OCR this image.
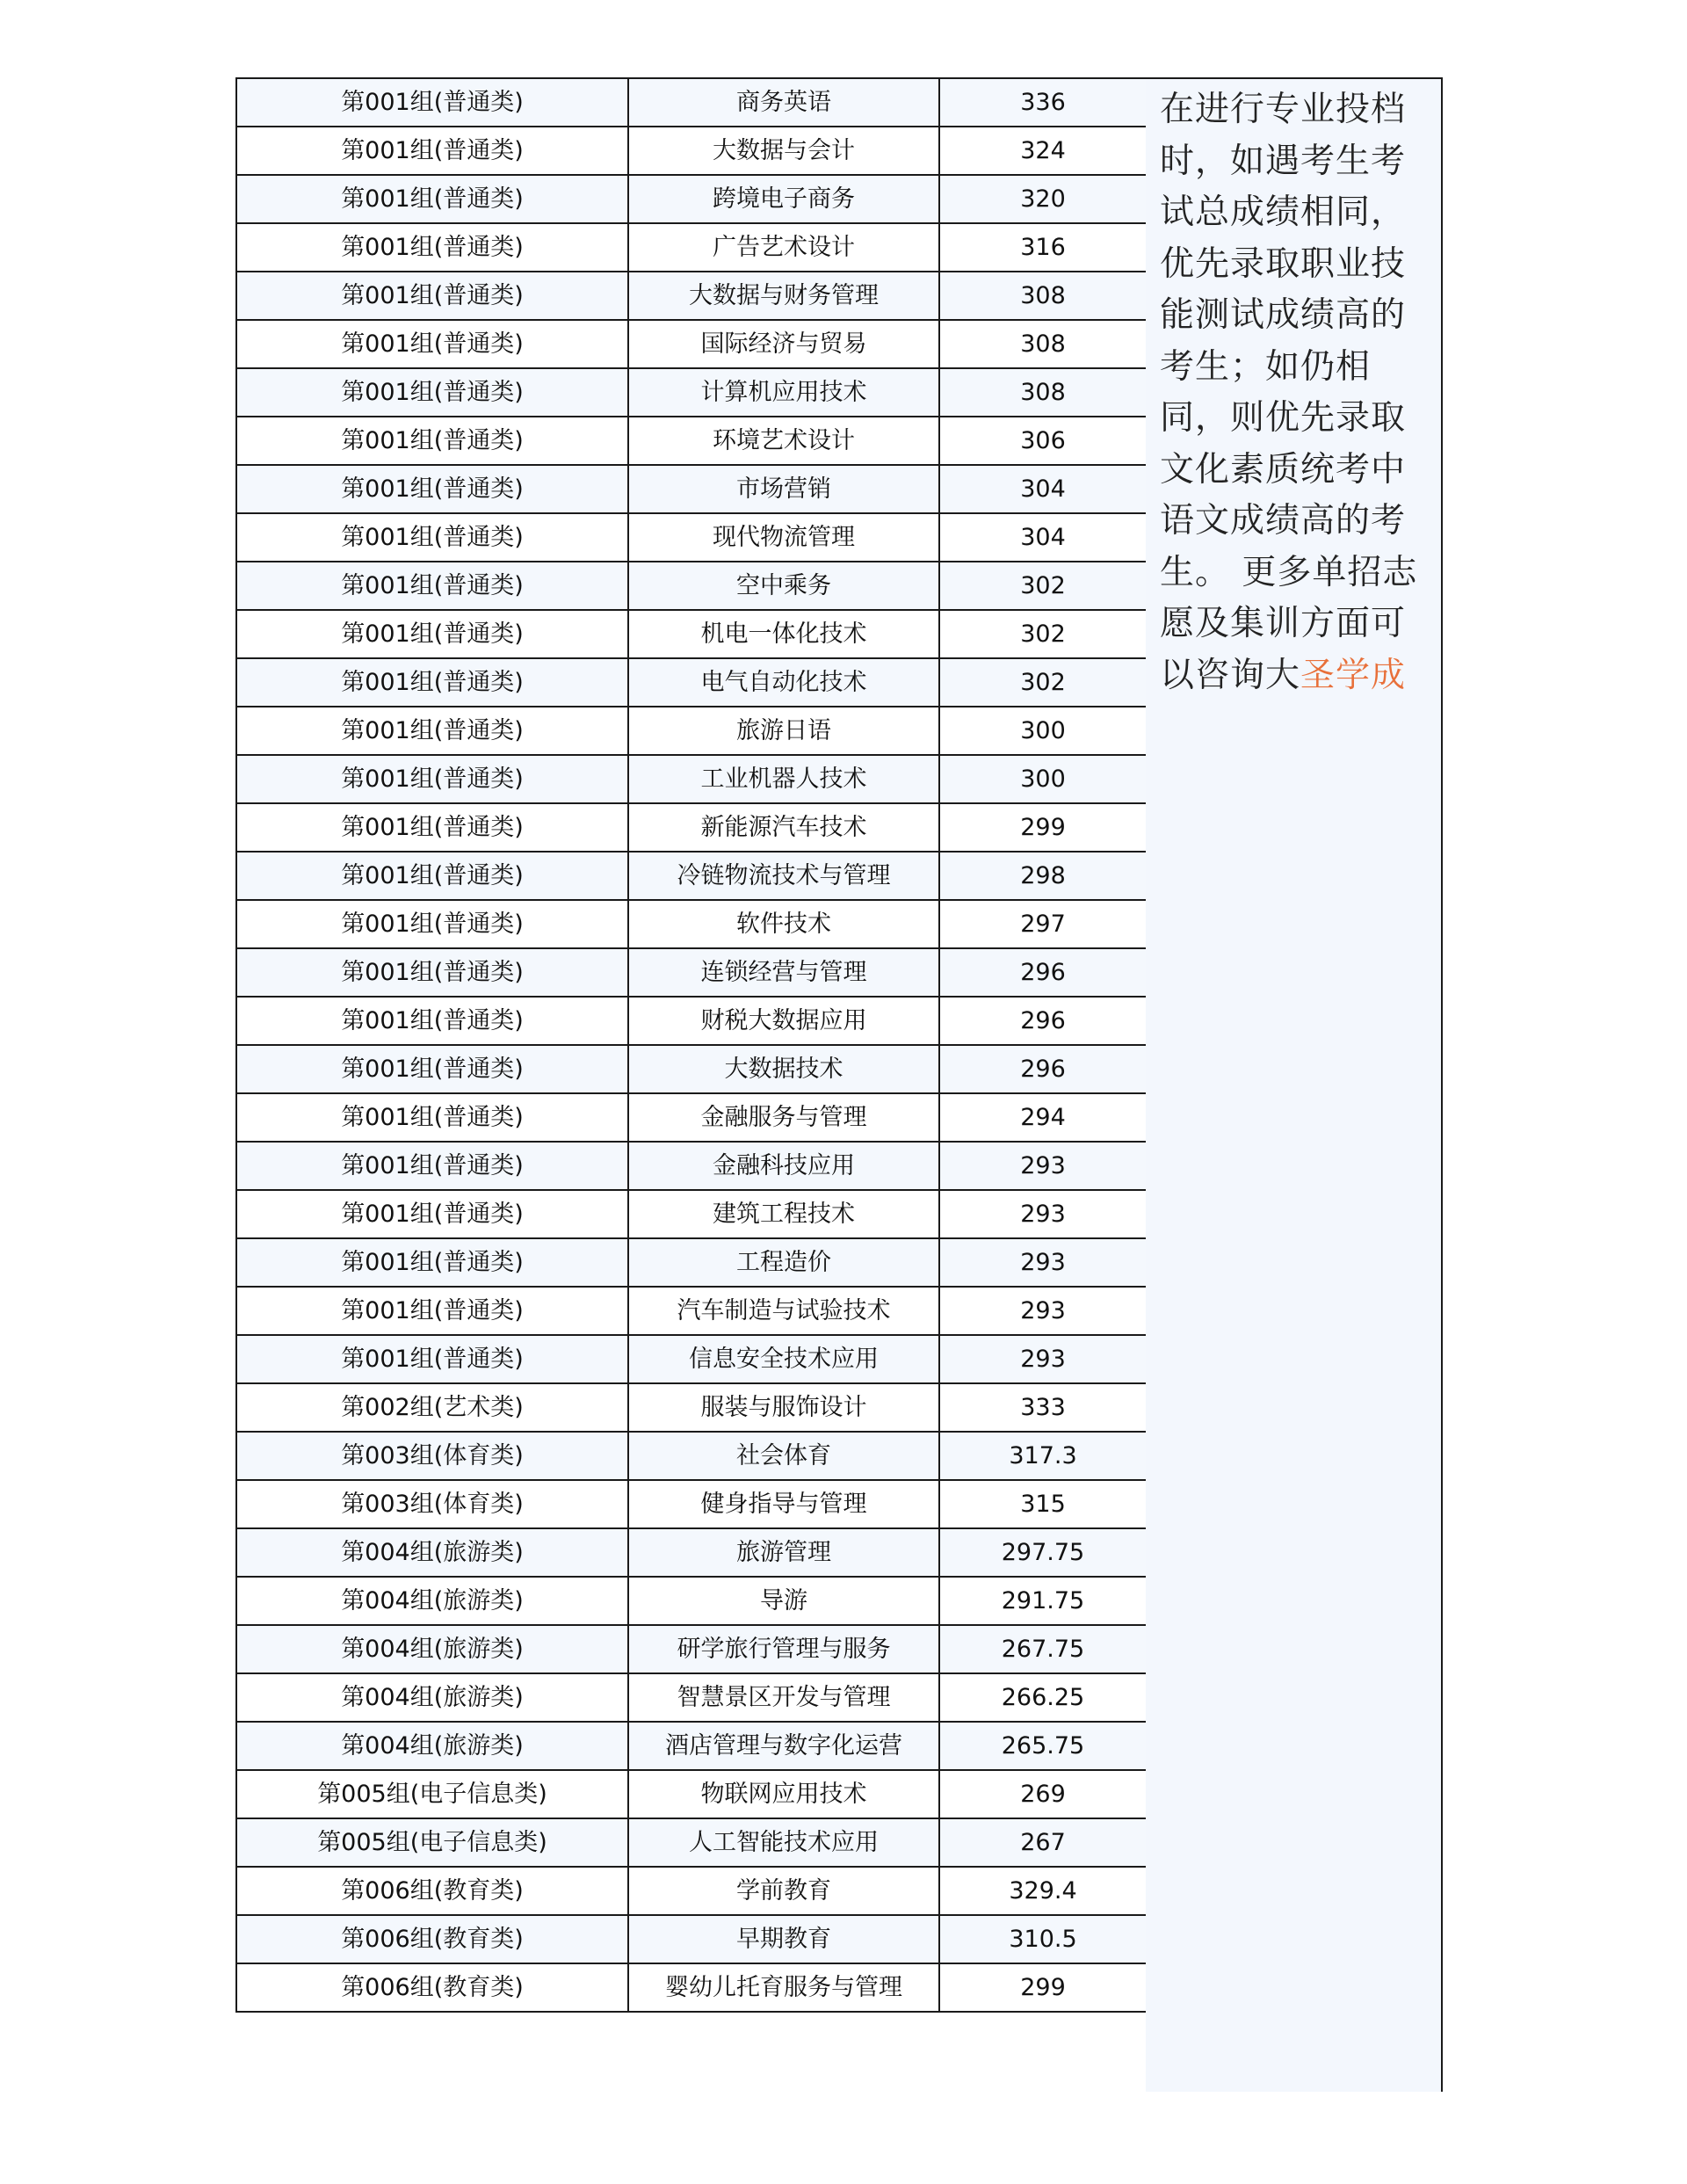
第001组(普通类)	商务英语	336
第001组(普通类)	大数据与会计	324
第001组(普通类)	跨境电子商务	320
第001组(普通类)	广告艺术设计	316
第001组(普通类)	大数据与财务管理	308
第001组(普通类)	国际经济与贸易	308
第001组(普通类)	计算机应用技术	308
第001组(普通类)	环境艺术设计	306
第001组(普通类)	市场营销	304
第001组(普通类)	现代物流管理	304
第001组(普通类)	空中乘务	302
第001组(普通类)	机电一体化技术	302
第001组(普通类)	电气自动化技术	302
第001组(普通类)	旅游日语	300
第001组(普通类)	工业机器人技术	300
第001组(普通类)	新能源汽车技术	299
第001组(普通类)	冷链物流技术与管理	298
第001组(普通类)	软件技术	297
第001组(普通类)	连锁经营与管理	296
第001组(普通类)	财税大数据应用	296
第001组(普通类)	大数据技术	296
第001组(普通类)	金融服务与管理	294
第001组(普通类)	金融科技应用	293
第001组(普通类)	建筑工程技术	293
第001组(普通类)	工程造价	293
第001组(普通类)	汽车制造与试验技术	293
第001组(普通类)	信息安全技术应用	293
第002组(艺术类)	服装与服饰设计	333
第003组(体育类)	社会体育	317.3
第003组(体育类)	健身指导与管理	315
第004组(旅游类)	旅游管理	297.75
第004组(旅游类)	导游	291.75
第004组(旅游类)	研学旅行管理与服务	267.75
第004组(旅游类)	智慧景区开发与管理	266.25
第004组(旅游类)	酒店管理与数字化运营	265.75
第005组(电子信息类)	物联网应用技术	269
第005组(电子信息类)	人工智能技术应用	267
第006组(教育类)	学前教育	329.4
第006组(教育类)	早期教育	310.5
第006组(教育类)	婴幼儿托育服务与管理	299

在进行专业投档时，如遇考生考试总成绩相同，优先录取职业技能测试成绩高的考生；如仍相同，则优先录取文化素质统考中语文成绩高的考生。 更多单招志愿及集训方面可以咨询大圣学成
